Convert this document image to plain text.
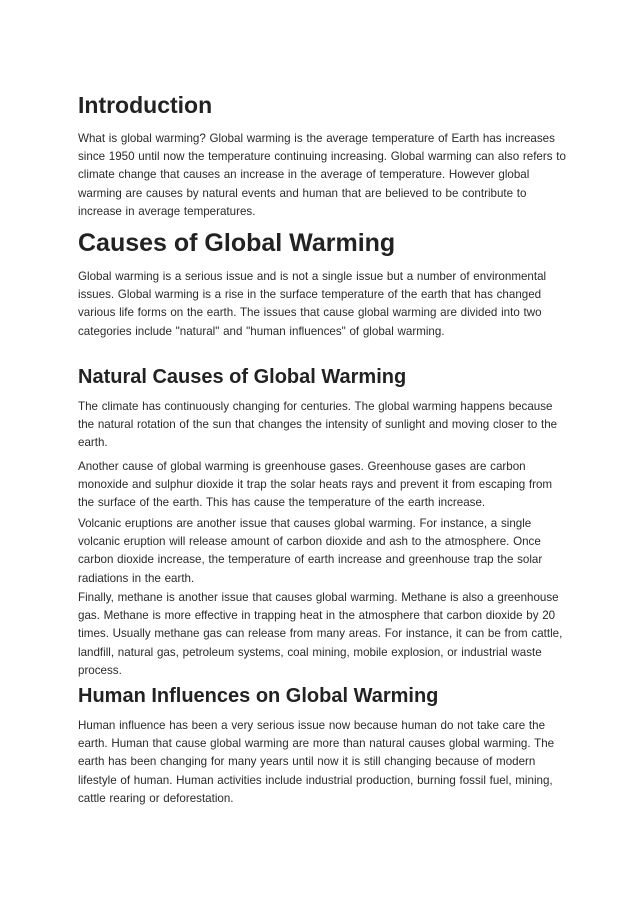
Introduction

What is global warming? Global warming is the average temperature of Earth has increases since 1950 until now the temperature continuing increasing. Global warming can also refers to climate change that causes an increase in the average of temperature. However global warming are causes by natural events and human that are believed to be contribute to increase in average temperatures.

Causes of Global Warming

Global warming is a serious issue and is not a single issue but a number of environmental issues. Global warming is a rise in the surface temperature of the earth that has changed various life forms on the earth. The issues that cause global warming are divided into two categories include "natural" and "human influences" of global warming.

Natural Causes of Global Warming

The climate has continuously changing for centuries. The global warming happens because the natural rotation of the sun that changes the intensity of sunlight and moving closer to the earth.

Another cause of global warming is greenhouse gases. Greenhouse gases are carbon monoxide and sulphur dioxide it trap the solar heats rays and prevent it from escaping from the surface of the earth. This has cause the temperature of the earth increase.

Volcanic eruptions are another issue that causes global warming. For instance, a single volcanic eruption will release amount of carbon dioxide and ash to the atmosphere. Once carbon dioxide increase, the temperature of earth increase and greenhouse trap the solar radiations in the earth.

Finally, methane is another issue that causes global warming. Methane is also a greenhouse gas. Methane is more effective in trapping heat in the atmosphere that carbon dioxide by 20 times. Usually methane gas can release from many areas. For instance, it can be from cattle, landfill, natural gas, petroleum systems, coal mining, mobile explosion, or industrial waste process.

Human Influences on Global Warming

Human influence has been a very serious issue now because human do not take care the earth. Human that cause global warming are more than natural causes global warming. The earth has been changing for many years until now it is still changing because of modern lifestyle of human. Human activities include industrial production, burning fossil fuel, mining, cattle rearing or deforestation.
